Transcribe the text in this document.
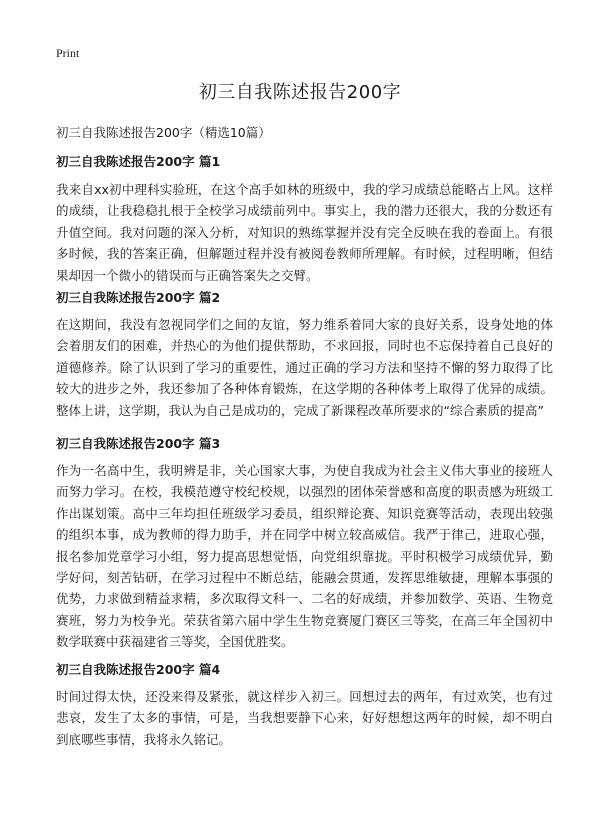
Print
初三自我陈述报告200字

初三自我陈述报告200字（精选10篇）

初三自我陈述报告200字 篇1

我来自xx初中理科实验班，在这个高手如林的班级中，我的学习成绩总能略占上风。这样的成绩，让我稳稳扎根于全校学习成绩前列中。事实上，我的潜力还很大，我的分数还有升值空间。我对问题的深入分析，对知识的熟练掌握并没有完全反映在我的卷面上。有很多时候，我的答案正确，但解题过程并没有被阅卷教师所理解。有时候，过程明晰，但结果却因一个微小的错误而与正确答案失之交臂。

初三自我陈述报告200字 篇2

在这期间，我没有忽视同学们之间的友谊，努力维系着同大家的良好关系，设身处地的体会着朋友们的困难，并热心的为他们提供帮助，不求回报，同时也不忘保持着自己良好的道德修养。除了认识到了学习的重要性，通过正确的学习方法和坚持不懈的努力取得了比较大的进步之外，我还参加了各种体育锻炼，在这学期的各种体考上取得了优异的成绩。整体上讲，这学期，我认为自己是成功的，完成了新课程改革所要求的“综合素质的提高”

初三自我陈述报告200字 篇3

作为一名高中生，我明辨是非，关心国家大事，为使自我成为社会主义伟大事业的接班人而努力学习。在校，我模范遵守校纪校规，以强烈的团体荣誉感和高度的职责感为班级工作出谋划策。高中三年均担任班级学习委员，组织辩论赛、知识竞赛等活动，表现出较强的组织本事，成为教师的得力助手，并在同学中树立较高威信。我严于律己，进取心强，报名参加党章学习小组，努力提高思想觉悟，向党组织靠拢。平时积极学习成绩优异，勤学好问，刻苦钻研，在学习过程中不断总结，能融会贯通，发挥思维敏捷，理解本事强的优势，力求做到精益求精，多次取得文科一、二名的好成绩，并参加数学、英语、生物竞赛班，努力为校争光。荣获省第六届中学生生物竞赛厦门赛区三等奖，在高三年全国初中数学联赛中获福建省三等奖，全国优胜奖。

初三自我陈述报告200字 篇4

时间过得太快，还没来得及紧张，就这样步入初三。回想过去的两年，有过欢笑，也有过悲哀，发生了太多的事情，可是，当我想要静下心来，好好想想这两年的时候，却不明白到底哪些事情，我将永久铭记。
